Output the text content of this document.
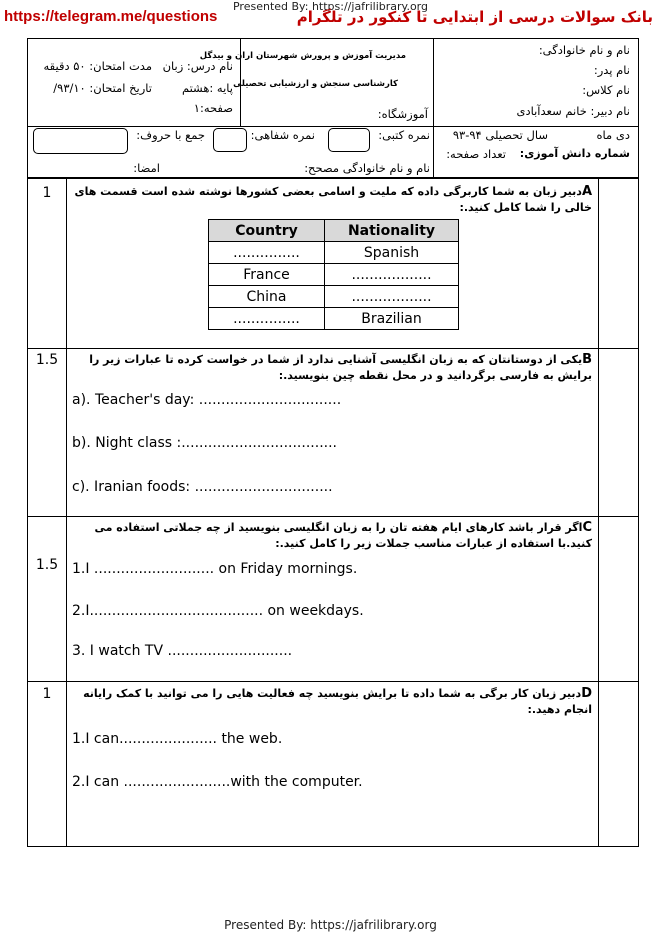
Presented By: https://jafrilibrary.org
https://telegram.me/questions	بانک سوالات درسی از ابتدایی تا کنکور در تلگرام
نام و نام خانوادگی:
نام پدر:
نام کلاس:
نام دبیر: خانم سعدآبادی
مدیریت آموزش و پرورش شهرستان اران و بیدگل
کارشناسی سنجش و ارزشیابی تحصیلی
آموزشگاه:
نام درس: زبان
مدت امتحان: ۵۰ دقیقه
پایه :هشتم
تاریخ امتحان: ۹۳/۱۰/
صفحه:۱
دی ماه
سال تحصیلی ۹۴-۹۳
شماره دانش آموزی:
تعداد صفحه:
نمره کتبی:
نمره شفاهی:
جمع با حروف:
نام و نام خانوادگی مصحح:
امضا:
1	Aدبیر زبان به شما کاربرگی داده که ملیت و اسامی بعضی کشورها نوشته شده است قسمت های خالی را شما کامل کنید.:
Country	Nationality
...............	Spanish
France	..................
China	..................
...............	Brazilian
1.5	Bیکی از دوستانتان که به زبان انگلیسی آشنایی ندارد از شما در خواست کرده تا عبارات زیر را برایش به فارسی برگردانید و در محل نقطه چین بنویسید.:
a). Teacher's day: ................................
b). Night class :...................................
c). Iranian foods: ...............................
1.5
Cاگر قرار باشد کارهای ایام هفته تان را به زبان انگلیسی بنویسید از چه جملاتی استفاده می کنید.با استفاده از عبارات مناسب جملات زیر را کامل کنید.:
1.I ........................... on Friday mornings.
2.I....................................... on weekdays.
3. I watch TV ............................
1	Dدبیر زبان کار برگی به شما داده تا برایش بنویسید چه فعالیت هایی را می توانید با کمک رایانه انجام دهید.:
1.I can...................... the web.
2.I can ........................with the computer.
Presented By: https://jafrilibrary.org
